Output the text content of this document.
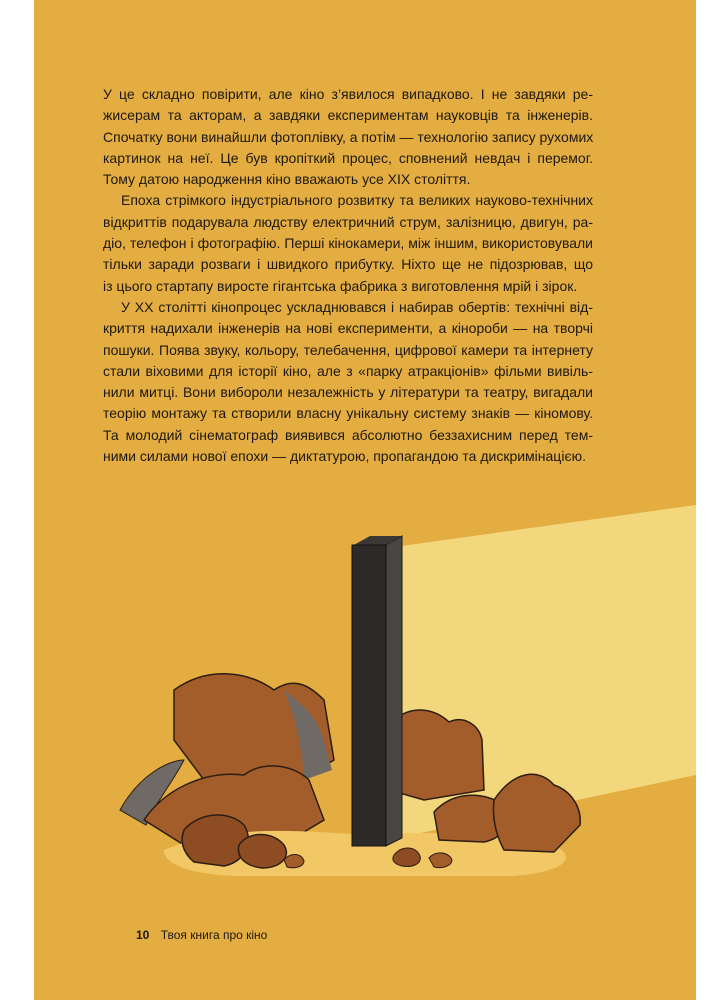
У це складно повірити, але кіно з’явилося випадково. І не завдяки ре-
жисерам та акторам, а завдяки експериментам науковців та інженерів.
Спочатку вони винайшли фотоплівку, а потім — технологію запису рухомих
картинок на неї. Це був кропіткий процес, сповнений невдач і перемог.
Тому датою народження кіно вважають усе XIX століття.

Епоха стрімкого індустріального розвитку та великих науково-технічних
відкриттів подарувала людству електричний струм, залізницю, двигун, ра-
діо, телефон і фотографію. Перші кінокамери, між іншим, використовували
тільки заради розваги і швидкого прибутку. Ніхто ще не підозрював, що
із цього стартапу виросте гігантська фабрика з виготовлення мрій і зірок.

У XX столітті кінопроцес ускладнювався і набирав обертів: технічні від-
криття надихали інженерів на нові експерименти, а кінороби — на творчі
пошуки. Поява звуку, кольору, телебачення, цифрової камери та інтернету
стали віховими для історії кіно, але з «парку атракціонів» фільми вивіль-
нили митці. Вони вибороли незалежність у літератури та театру, вигадали
теорію монтажу та створили власну унікальну систему знаків — кіномову.
Та молодий сінематограф виявився абсолютно беззахисним перед тем-
ними силами нової епохи — диктатурою, пропагандою та дискримінацією.

10 Твоя книга про кіно
